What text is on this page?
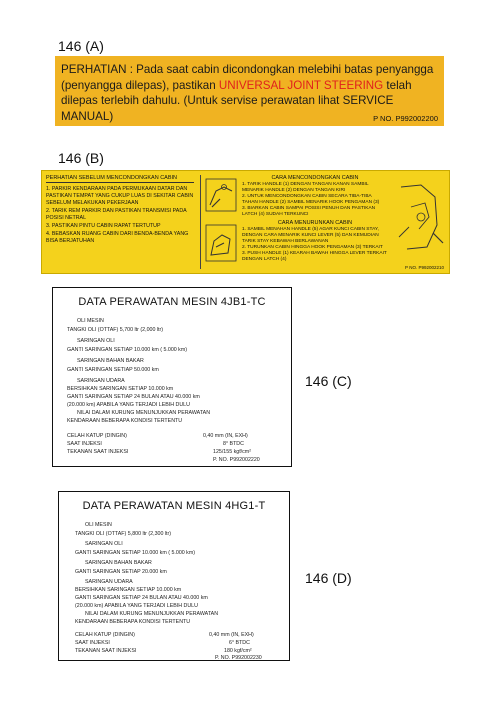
146 (A)
146 (B)
146 (C)
146 (D)
PERHATIAN : Pada saat cabin dicondongkan melebihi batas penyangga (penyangga dilepas), pastikan UNIVERSAL JOINT STEERING telah dilepas terlebih dahulu. (Untuk servise perawatan lihat SERVICE MANUAL)	P NO. P992002200
PERHATIAN SEBELUM MENCONDONGKAN CABIN
1. PARKIR KENDARAAN PADA PERMUKAAN DATAR DAN PASTIKAN TEMPAT YANG CUKUP LUAS DI SEKITAR CABIN SEBELUM MELAKUKAN PEKERJAAN
2. TARIK REM PARKIR DAN PASTIKAN TRANSMISI PADA POSISI NETRAL
3. PASTIKAN PINTU CABIN RAPAT TERTUTUP
4. BEBASKAN RUANG CABIN DARI BENDA-BENDA YANG BISA BERJATUHAN
CARA MENCONDONGKAN CABIN
1. TARIK HANDLE (1) DENGAN TANGAN KANAN SAMBIL MENARIK HANDLE (2) DENGAN TANGAN KIRI
2. UNTUK MENCONDONGKAN CABIN SECARA TIBA-TIBA TAHAN HANDLE (2) SAMBIL MENARIK HOOK PENGAMAN (3)
3. BIARKAN CABIN SAMPAI POSISI PENUH DAN PASTIKAN LATCH (4) SUDAH TERKUNCI
CARA MENURUNKAN CABIN
1. SAMBIL MENAHAN HANDLE (5) AGAR KUNCI CABIN STAY, DENGAN CARA MENARIK KUNCI LEVER (5) DAN KEMUDIAN TARIK STAY KEBAWAH BERLAWANAN
2. TURUNKAN CABIN HINGGA HOOK PENGAMAN (3) TERKAIT
3. PUSH HANDLE (1) KEARAH BAWAH HINGGA LEVER TERKAIT DENGAN LATCH (4)
P NO. P992002210
DATA PERAWATAN MESIN 4JB1-TC
OLI MESIN
TANGKI OLI (OTTAF) 5,700 ltr (2,000 ltr)
SARINGAN OLI
GANTI SARINGAN SETIAP 10.000 km ( 5.000 km)
SARINGAN BAHAN BAKAR
GANTI SARINGAN SETIAP 50.000 km
SARINGAN UDARA
BERSIHKAN SARINGAN SETIAP 10.000 km
GANTI SARINGAN SETIAP 24 BULAN ATAU 40.000 km
(20.000 km) APABILA YANG TERJADI LEBIH DULU
NILAI DALAM KURUNG MENUNJUKKAN PERAWATAN
KENDARAAN BEBERAPA KONDISI TERTENTU
CELAH KATUP (DINGIN)
SAAT INJEKSI
TEKANAN SAAT INJEKSI
0,40 mm (IN, EXH)
8° BTDC
125/155 kgf/cm²
P. NO. P992002220
DATA PERAWATAN MESIN 4HG1-T
OLI MESIN
TANGKI OLI (OTTAF) 5,800 ltr (2,300 ltr)
SARINGAN OLI
GANTI SARINGAN SETIAP 10.000 km ( 5.000 km)
SARINGAN BAHAN BAKAR
GANTI SARINGAN SETIAP 20.000 km
SARINGAN UDARA
BERSIHKAN SARINGAN SETIAP 10.000 km
GANTI SARINGAN SETIAP 24 BULAN ATAU 40.000 km
(20.000 km) APABILA YANG TERJADI LEBIH DULU
NILAI DALAM KURUNG MENUNJUKKAN PERAWATAN
KENDARAAN BEBERAPA KONDISI TERTENTU
CELAH KATUP (DINGIN)
SAAT INJEKSI
TEKANAN SAAT INJEKSI
0,40 mm (IN, EXH)
6° BTDC
180 kgf/cm²
P. NO. P992002230
